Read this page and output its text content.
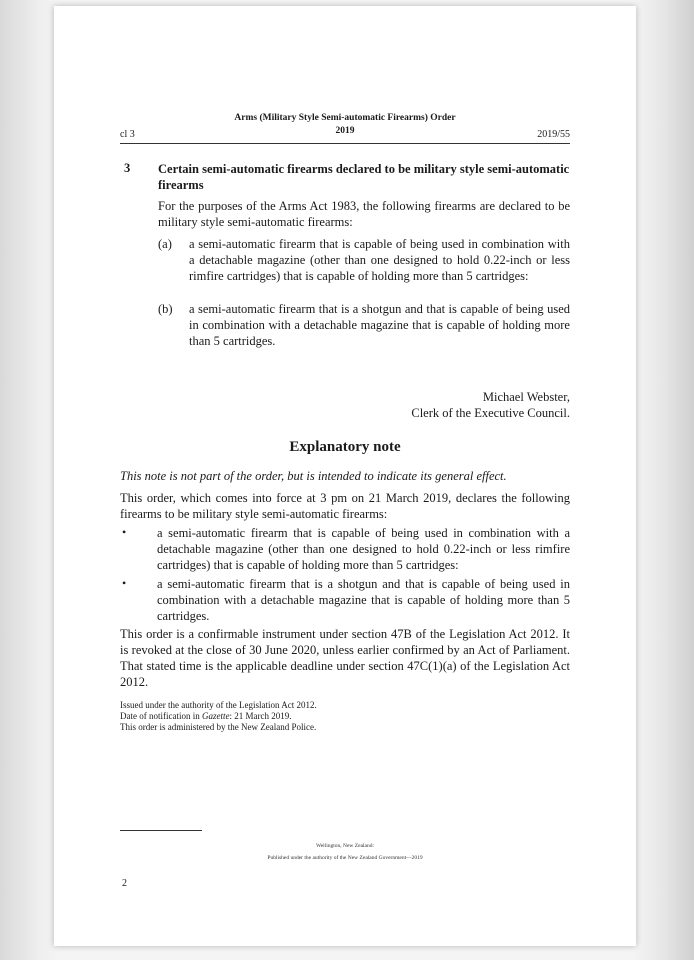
Arms (Military Style Semi-automatic Firearms) Order
2019
cl 3	2019/55
3 Certain semi-automatic firearms declared to be military style semi-automatic firearms
For the purposes of the Arms Act 1983, the following firearms are declared to be military style semi-automatic firearms:
(a) a semi-automatic firearm that is capable of being used in combination with a detachable magazine (other than one designed to hold 0.22-inch or less rimfire cartridges) that is capable of holding more than 5 cartridges:
(b) a semi-automatic firearm that is a shotgun and that is capable of being used in combination with a detachable magazine that is capable of holding more than 5 cartridges.
Michael Webster,
Clerk of the Executive Council.
Explanatory note
This note is not part of the order, but is intended to indicate its general effect.
This order, which comes into force at 3 pm on 21 March 2019, declares the following firearms to be military style semi-automatic firearms:
• a semi-automatic firearm that is capable of being used in combination with a detachable magazine (other than one designed to hold 0.22-inch or less rimfire cartridges) that is capable of holding more than 5 cartridges:
• a semi-automatic firearm that is a shotgun and that is capable of being used in combination with a detachable magazine that is capable of holding more than 5 cartridges.
This order is a confirmable instrument under section 47B of the Legislation Act 2012. It is revoked at the close of 30 June 2020, unless earlier confirmed by an Act of Parliament. That stated time is the applicable deadline under section 47C(1)(a) of the Legislation Act 2012.
Issued under the authority of the Legislation Act 2012.
Date of notification in Gazette: 21 March 2019.
This order is administered by the New Zealand Police.
Wellington, New Zealand:
Published under the authority of the New Zealand Government—2019
2
